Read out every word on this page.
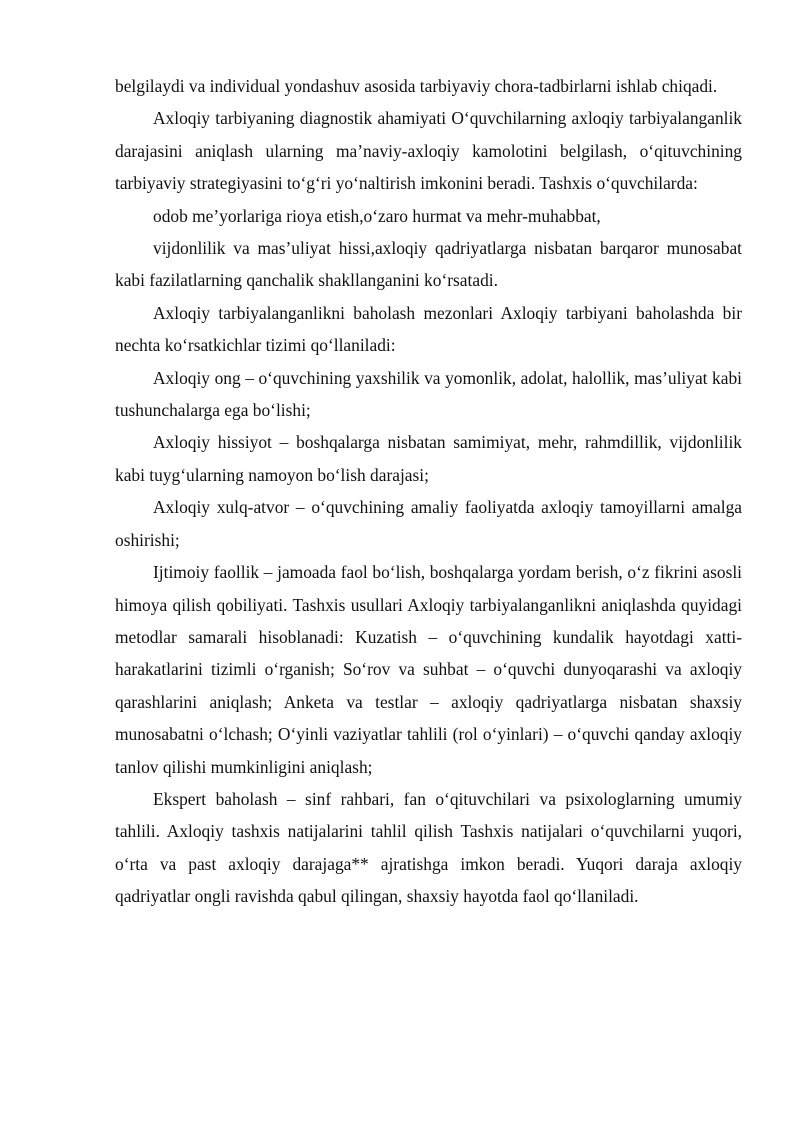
belgilaydi va individual yondashuv asosida tarbiyaviy chora-tadbirlarni ishlab chiqadi.

Axloqiy tarbiyaning diagnostik ahamiyati O‘quvchilarning axloqiy tarbiyalanganlik darajasini aniqlash ularning ma’naviy-axloqiy kamolotini belgilash, o‘qituvchining tarbiyaviy strategiyasini to‘g‘ri yo‘naltirish imkonini beradi. Tashxis o‘quvchilarda:

odob me’yorlariga rioya etish,o‘zaro hurmat va mehr-muhabbat,

vijdonlilik va mas’uliyat hissi,axloqiy qadriyatlarga nisbatan barqaror munosabat kabi fazilatlarning qanchalik shakllanganini ko‘rsatadi.

Axloqiy tarbiyalanganlikni baholash mezonlari Axloqiy tarbiyani baholashda bir nechta ko‘rsatkichlar tizimi qo‘llaniladi:

Axloqiy ong – o‘quvchining yaxshilik va yomonlik, adolat, halollik, mas’uliyat kabi tushunchalarga ega bo‘lishi;

Axloqiy hissiyot – boshqalarga nisbatan samimiyat, mehr, rahmdillik, vijdonlilik kabi tuyg‘ularning namoyon bo‘lish darajasi;

Axloqiy xulq-atvor – o‘quvchining amaliy faoliyatda axloqiy tamoyillarni amalga oshirishi;

Ijtimoiy faollik – jamoada faol bo‘lish, boshqalarga yordam berish, o‘z fikrini asosli himoya qilish qobiliyati. Tashxis usullari Axloqiy tarbiyalanganlikni aniqlashda quyidagi metodlar samarali hisoblanadi: Kuzatish – o‘quvchining kundalik hayotdagi xatti-harakatlarini tizimli o‘rganish; So‘rov va suhbat – o‘quvchi dunyoqarashi va axloqiy qarashlarini aniqlash; Anketa va testlar – axloqiy qadriyatlarga nisbatan shaxsiy munosabatni o‘lchash; O‘yinli vaziyatlar tahlili (rol o‘yinlari) – o‘quvchi qanday axloqiy tanlov qilishi mumkinligini aniqlash;

Ekspert baholash – sinf rahbari, fan o‘qituvchilari va psixologlarning umumiy tahlili. Axloqiy tashxis natijalarini tahlil qilish Tashxis natijalari o‘quvchilarni yuqori, o‘rta va past axloqiy darajaga** ajratishga imkon beradi. Yuqori daraja axloqiy qadriyatlar ongli ravishda qabul qilingan, shaxsiy hayotda faol qo‘llaniladi.
